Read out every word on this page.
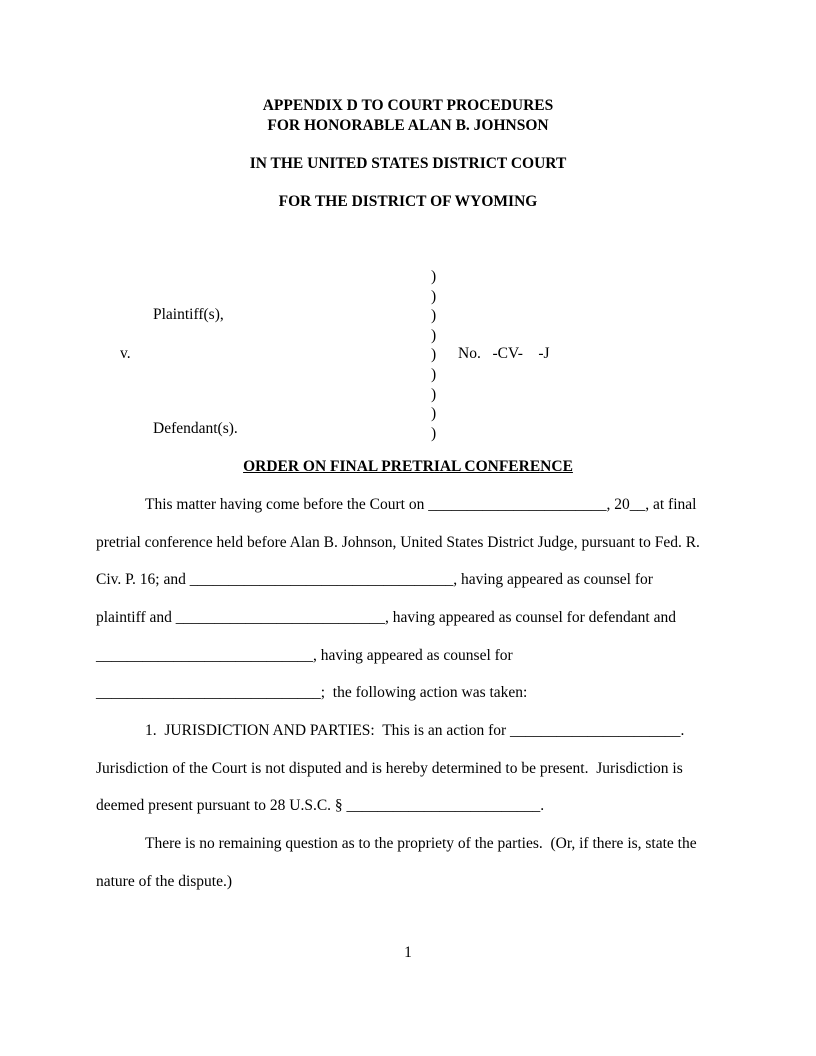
APPENDIX D TO COURT PROCEDURES
FOR HONORABLE ALAN B. JOHNSON
IN THE UNITED STATES DISTRICT COURT
FOR THE DISTRICT OF WYOMING
Plaintiff(s),
v.
Defendant(s).
)
)
)
)
)
)
)
)
)
No.   -CV-    -J
ORDER ON FINAL PRETRIAL CONFERENCE
This matter having come before the Court on _______________________, 20__, at final
pretrial conference held before Alan B. Johnson, United States District Judge, pursuant to Fed. R.
Civ. P. 16; and __________________________________, having appeared as counsel for
plaintiff and ___________________________, having appeared as counsel for defendant and
____________________________, having appeared as counsel for
_____________________________;  the following action was taken:
1.  JURISDICTION AND PARTIES:  This is an action for ______________________.
Jurisdiction of the Court is not disputed and is hereby determined to be present.  Jurisdiction is
deemed present pursuant to 28 U.S.C. § _________________________.
There is no remaining question as to the propriety of the parties.  (Or, if there is, state the
nature of the dispute.)
1
